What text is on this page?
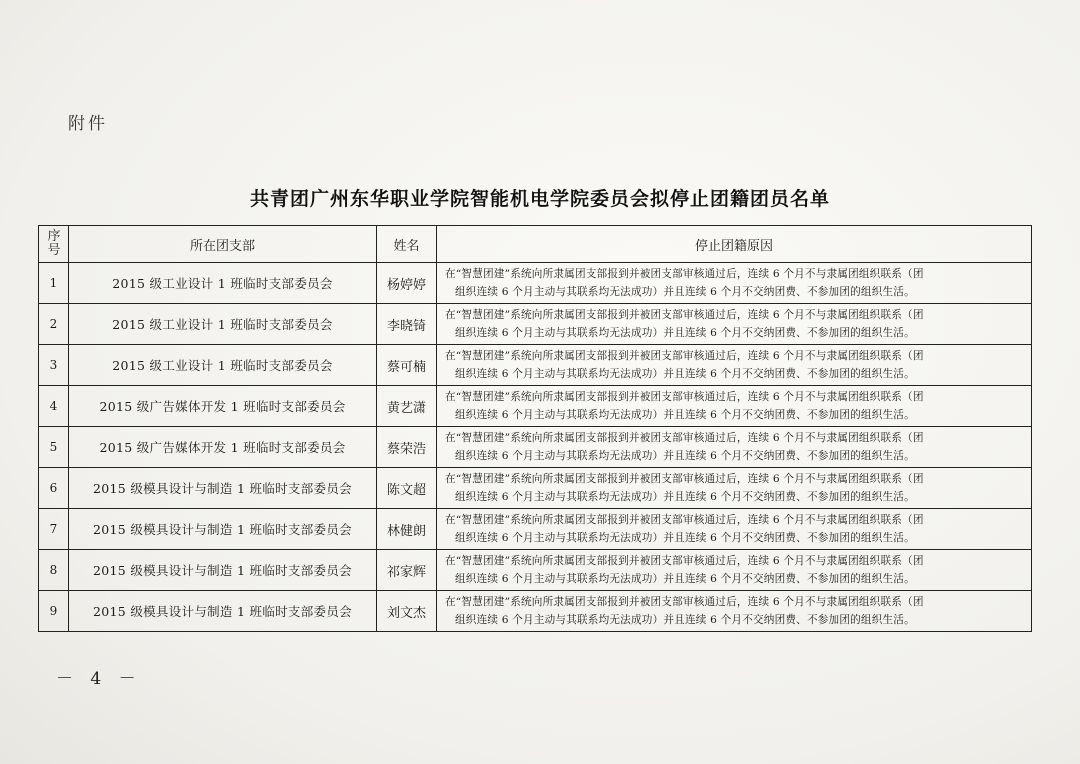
附件
共青团广州东华职业学院智能机电学院委员会拟停止团籍团员名单
序号	所在团支部	姓名	停止团籍原因
1	2015 级工业设计 1 班临时支部委员会	杨婷婷	在“智慧团建”系统向所隶属团支部报到并被团支部审核通过后，连续 6 个月不与隶属团组织联系（团
组织连续 6 个月主动与其联系均无法成功）并且连续 6 个月不交纳团费、不参加团的组织生活。

2	2015 级工业设计 1 班临时支部委员会	李晓锜	在“智慧团建”系统向所隶属团支部报到并被团支部审核通过后，连续 6 个月不与隶属团组织联系（团
组织连续 6 个月主动与其联系均无法成功）并且连续 6 个月不交纳团费、不参加团的组织生活。

3	2015 级工业设计 1 班临时支部委员会	蔡可楠	在“智慧团建”系统向所隶属团支部报到并被团支部审核通过后，连续 6 个月不与隶属团组织联系（团
组织连续 6 个月主动与其联系均无法成功）并且连续 6 个月不交纳团费、不参加团的组织生活。

4	2015 级广告媒体开发 1 班临时支部委员会	黄艺潇	在“智慧团建”系统向所隶属团支部报到并被团支部审核通过后，连续 6 个月不与隶属团组织联系（团
组织连续 6 个月主动与其联系均无法成功）并且连续 6 个月不交纳团费、不参加团的组织生活。

5	2015 级广告媒体开发 1 班临时支部委员会	蔡荣浩	在“智慧团建”系统向所隶属团支部报到并被团支部审核通过后，连续 6 个月不与隶属团组织联系（团
组织连续 6 个月主动与其联系均无法成功）并且连续 6 个月不交纳团费、不参加团的组织生活。

6	2015 级模具设计与制造 1 班临时支部委员会	陈文超	在“智慧团建”系统向所隶属团支部报到并被团支部审核通过后，连续 6 个月不与隶属团组织联系（团
组织连续 6 个月主动与其联系均无法成功）并且连续 6 个月不交纳团费、不参加团的组织生活。

7	2015 级模具设计与制造 1 班临时支部委员会	林健朗	在“智慧团建”系统向所隶属团支部报到并被团支部审核通过后，连续 6 个月不与隶属团组织联系（团
组织连续 6 个月主动与其联系均无法成功）并且连续 6 个月不交纳团费、不参加团的组织生活。

8	2015 级模具设计与制造 1 班临时支部委员会	祁家辉	在“智慧团建”系统向所隶属团支部报到并被团支部审核通过后，连续 6 个月不与隶属团组织联系（团
组织连续 6 个月主动与其联系均无法成功）并且连续 6 个月不交纳团费、不参加团的组织生活。

9	2015 级模具设计与制造 1 班临时支部委员会	刘文杰	在“智慧团建”系统向所隶属团支部报到并被团支部审核通过后，连续 6 个月不与隶属团组织联系（团
组织连续 6 个月主动与其联系均无法成功）并且连续 6 个月不交纳团费、不参加团的组织生活。
－ 4 －
